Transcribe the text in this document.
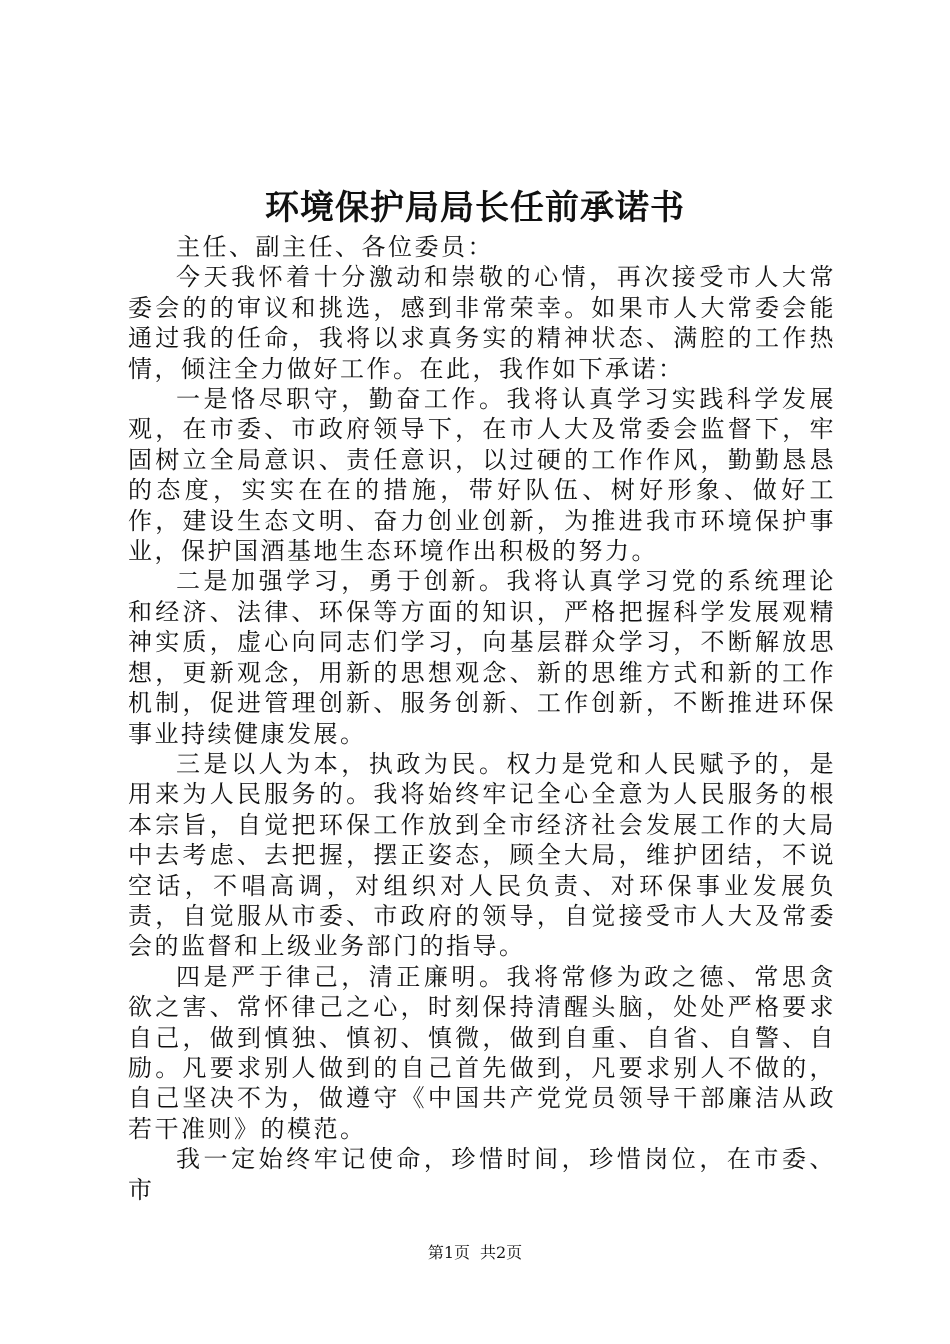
环境保护局局长任前承诺书

主任、副主任、各位委员：

今天我怀着十分激动和崇敬的心情，再次接受市人大常委会的的审议和挑选，感到非常荣幸。如果市人大常委会能通过我的任命，我将以求真务实的精神状态、满腔的工作热情，倾注全力做好工作。在此，我作如下承诺：

一是恪尽职守，勤奋工作。我将认真学习实践科学发展观，在市委、市政府领导下，在市人大及常委会监督下，牢固树立全局意识、责任意识，以过硬的工作作风，勤勤恳恳的态度，实实在在的措施，带好队伍、树好形象、做好工作，建设生态文明、奋力创业创新，为推进我市环境保护事业，保护国酒基地生态环境作出积极的努力。

二是加强学习，勇于创新。我将认真学习党的系统理论和经济、法律、环保等方面的知识，严格把握科学发展观精神实质，虚心向同志们学习，向基层群众学习，不断解放思想，更新观念，用新的思想观念、新的思维方式和新的工作机制，促进管理创新、服务创新、工作创新，不断推进环保事业持续健康发展。

三是以人为本，执政为民。权力是党和人民赋予的，是用来为人民服务的。我将始终牢记全心全意为人民服务的根本宗旨，自觉把环保工作放到全市经济社会发展工作的大局中去考虑、去把握，摆正姿态，顾全大局，维护团结，不说空话，不唱高调，对组织对人民负责、对环保事业发展负责，自觉服从市委、市政府的领导，自觉接受市人大及常委会的监督和上级业务部门的指导。

四是严于律己，清正廉明。我将常修为政之德、常思贪欲之害、常怀律己之心，时刻保持清醒头脑，处处严格要求自己，做到慎独、慎初、慎微，做到自重、自省、自警、自励。凡要求别人做到的自己首先做到，凡要求别人不做的，自己坚决不为，做遵守《中国共产党党员领导干部廉洁从政若干准则》的模范。

我一定始终牢记使命，珍惜时间，珍惜岗位，在市委、市

第1页 共2页
